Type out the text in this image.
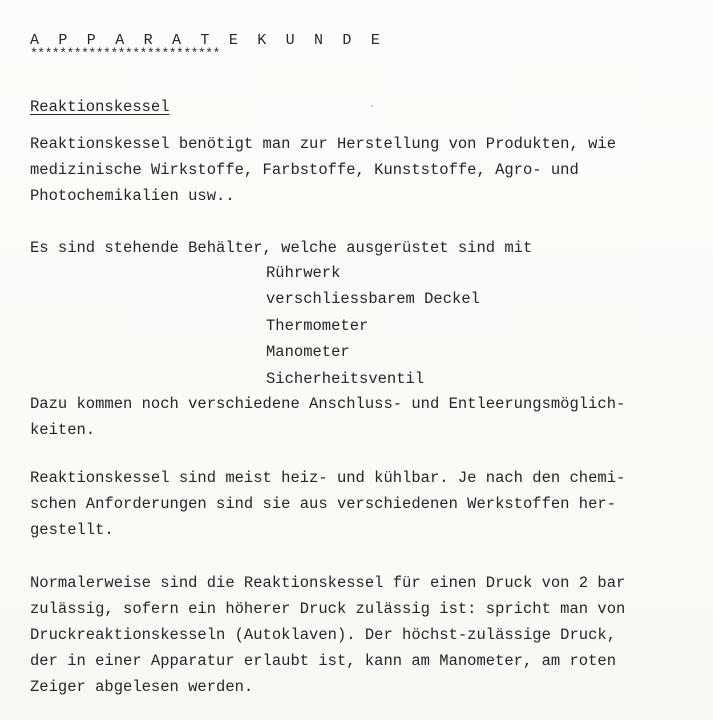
A P P A R A T E K U N D E
**************************
Reaktionskessel
Reaktionskessel benötigt man zur Herstellung von Produkten, wie
medizinische Wirkstoffe, Farbstoffe, Kunststoffe, Agro- und
Photochemikalien usw..
Es sind stehende Behälter, welche ausgerüstet sind mit
Rührwerk
verschliessbarem Deckel
Thermometer
Manometer
Sicherheitsventil
Dazu kommen noch verschiedene Anschluss- und Entleerungsmöglich-
keiten.
Reaktionskessel sind meist heiz- und kühlbar. Je nach den chemi-
schen Anforderungen sind sie aus verschiedenen Werkstoffen her-
gestellt.
Normalerweise sind die Reaktionskessel für einen Druck von 2 bar
zulässig, sofern ein höherer Druck zulässig ist: spricht man von
Druckreaktionskesseln (Autoklaven). Der höchst-zulässige Druck,
der in einer Apparatur erlaubt ist, kann am Manometer, am roten
Zeiger abgelesen werden.
